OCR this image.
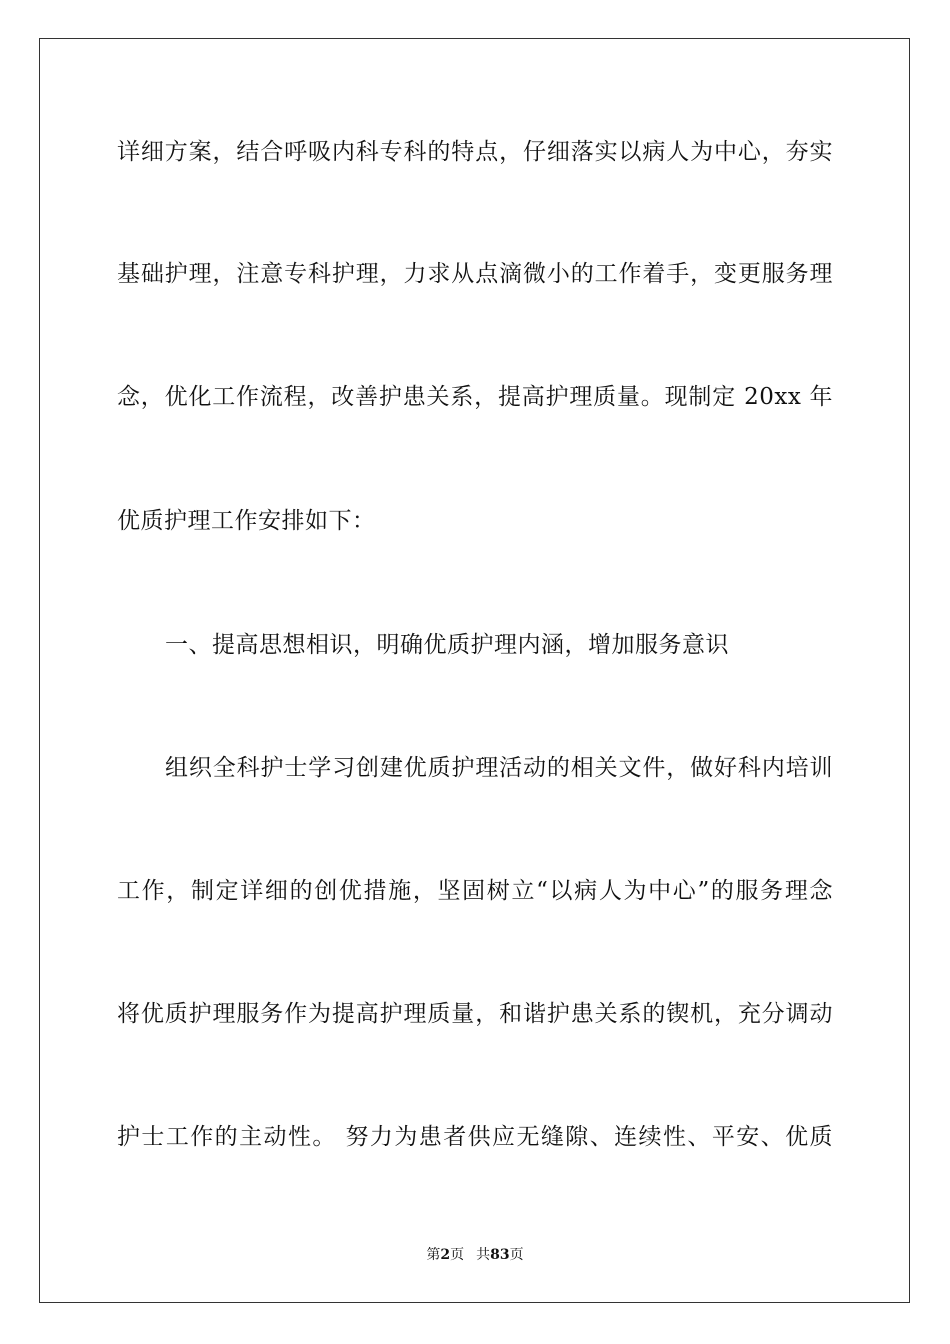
详细方案，结合呼吸内科专科的特点，仔细落实以病人为中心，夯实
基础护理，注意专科护理，力求从点滴微小的工作着手，变更服务理
念，优化工作流程，改善护患关系，提高护理质量。现制定 20xx 年
优质护理工作安排如下：
一、提高思想相识，明确优质护理内涵，增加服务意识
组织全科护士学习创建优质护理活动的相关文件，做好科内培训
工作，制定详细的创优措施，坚固树立“以病人为中心”的服务理念
将优质护理服务作为提高护理质量，和谐护患关系的锲机，充分调动
护士工作的主动性。 努力为患者供应无缝隙、连续性、平安、优质
第2页 共83页
